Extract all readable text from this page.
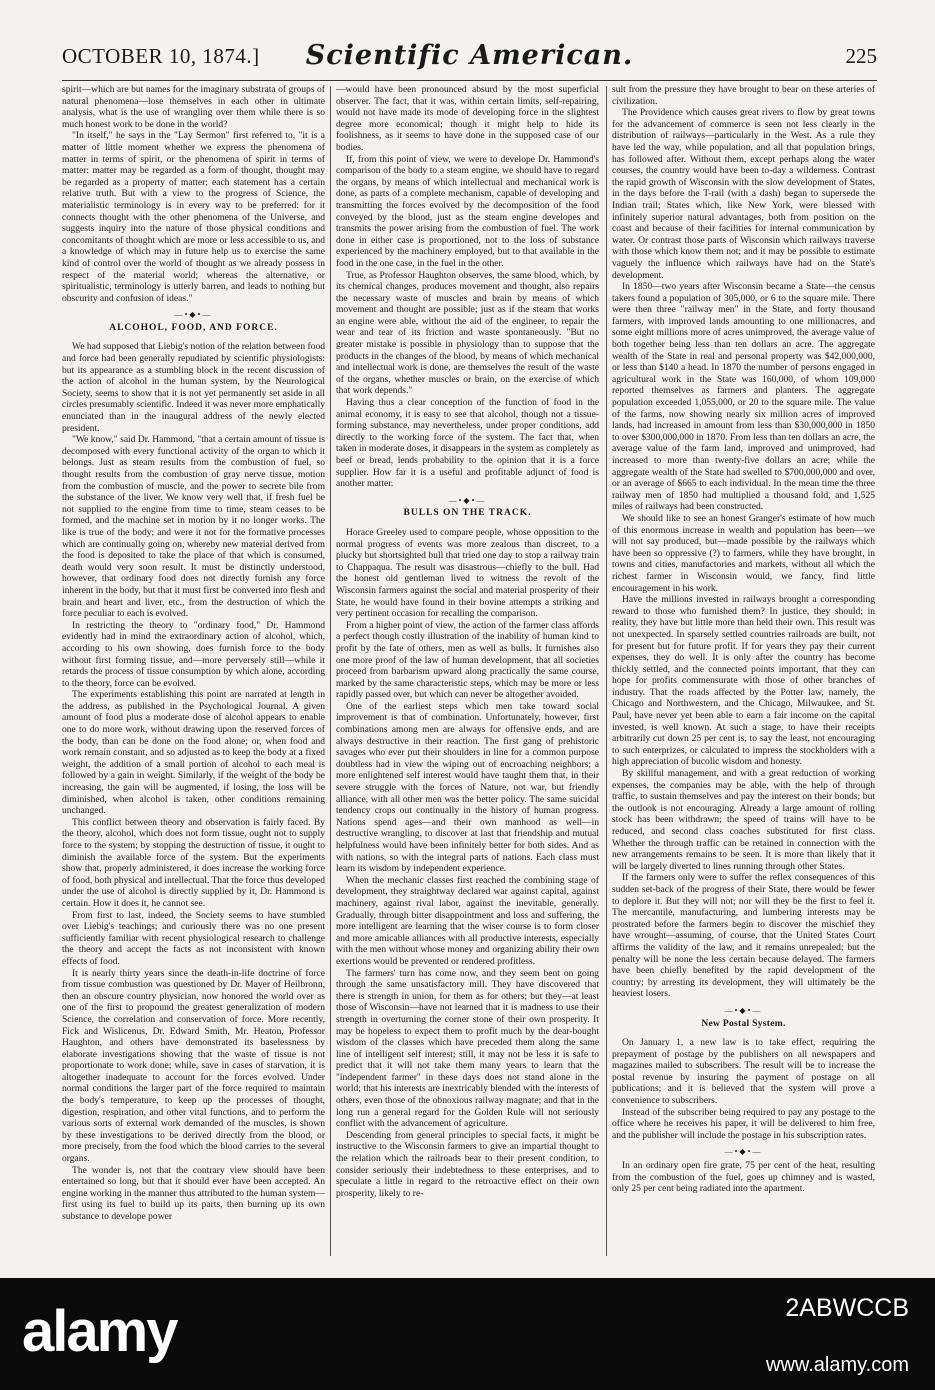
OCTOBER 10, 1874.] Scientific American.	225

spirit—which are but names for the imaginary substrata of groups of natural phenomena—lose themselves in each other in ultimate analysis, what is the use of wrangling over them while there is so much honest work to be done in the world?

"In itself," he says in the "Lay Sermon" first referred to, "it is a matter of little moment whether we express the phenomena of matter in terms of spirit, or the phenomena of spirit in terms of matter: matter may be regarded as a form of thought, thought may be regarded as a property of matter; each statement has a certain relative truth. But with a view to the progress of Science, the materialistic terminology is in every way to be preferred: for it connects thought with the other phenomena of the Universe, and suggests inquiry into the nature of those physical conditions and concomitants of thought which are more or less accessible to us, and a knowledge of which may in future help us to exercise the same kind of control over the world of thought as we already possess in respect of the material world; whereas the alternative, or spiritualistic, terminology is utterly barren, and leads to nothing but obscurity and confusion of ideas."

—•◆•—
ALCOHOL, FOOD, AND FORCE.

We had supposed that Liebig's notion of the relation between food and force had been generally repudiated by scientific physiologists: but its appearance as a stumbling block in the recent discussion of the action of alcohol in the human system, by the Neurological Society, seems to show that it is not yet permanently set aside in all circles presumably scientific. Indeed it was never more emphatically enunciated than in the inaugural address of the newly elected president.

"We know," said Dr. Hammond, "that a certain amount of tissue is decomposed with every functional activity of the organ to which it belongs. Just as steam results from the combustion of fuel, so thought results from the combustion of gray nerve tissue, motion from the combustion of muscle, and the power to secrete bile from the substance of the liver. We know very well that, if fresh fuel be not supplied to the engine from time to time, steam ceases to be formed, and the machine set in motion by it no longer works. The like is true of the body; and were it not for the formative processes which are continually going on, whereby new material derived from the food is deposited to take the place of that which is consumed, death would very soon result. It must be distinctly understood, however, that ordinary food does not directly furnish any force inherent in the body, but that it must first be converted into flesh and brain and heart and liver, etc., from the destruction of which the force peculiar to each is evolved.

In restricting the theory to "ordinary food," Dr. Hammond evidently had in mind the extraordinary action of alcohol, which, according to his own showing, does furnish force to the body without first forming tissue, and—more perversely still—while it retards the process of tissue consumption by which alone, according to the theory, force can be evolved.

The experiments establishing this point are narrated at length in the address, as published in the Psychological Journal. A given amount of food plus a moderate dose of alcohol appears to enable one to do more work, without drawing upon the reserved forces of the body, than can be done on the food alone; or, when food and work remain constant, and so adjusted as to keep the body at a fixed weight, the addition of a small portion of alcohol to each meal is followed by a gain in weight. Similarly, if the weight of the body be increasing, the gain will be augmented, if losing, the loss will be diminished, when alcohol is taken, other conditions remaining unchanged.

This conflict between theory and observation is fairly faced. By the theory, alcohol, which does not form tissue, ought not to supply force to the system; by stopping the destruction of tissue, it ought to diminish the available force of the system. But the experiments show that, properly administered, it does increase the working force of food, both physical and intellectual. That the force thus developed under the use of alcohol is directly supplied by it, Dr. Hammond is certain. How it does it, he cannot see.

From first to last, indeed, the Society seems to have stumbled over Liebig's teachings; and curiously there was no one present sufficiently familiar with recent physiological research to challenge the theory and accept the facts as not inconsistent with known effects of food.

It is nearly thirty years since the death-in-life doctrine of force from tissue combustion was questioned by Dr. Mayer of Heilbronn, then an obscure country physician, now honored the world over as one of the first to propound the greatest generalization of modern Science, the correlation and conservation of force. More recently, Fick and Wislicenus, Dr. Edward Smith, Mr. Heaton, Professor Haughton, and others have demonstrated its baselessness by elaborate investigations showing that the waste of tissue is not proportionate to work done; while, save in cases of starvation, it is altogether inadequate to account for the forces evolved. Under normal conditions the larger part of the force required to maintain the body's temperature, to keep up the processes of thought, digestion, respiration, and other vital functions, and to perform the various sorts of external work demanded of the muscles, is shown by these investigations to be derived directly from the blood, or more precisely, from the food which the blood carries to the several organs.

The wonder is, not that the contrary view should have been entertained so long, but that it should ever have been accepted. An engine working in the manner thus attributed to the human system—first using its fuel to build up its parts, then burning up its own substance to develope power

—would have been pronounced absurd by the most superficial observer. The fact, that it was, within certain limits, self-repairing, would not have made its mode of developing force in the slightest degree more economical; though it might help to hide its foolishness, as it seems to have done in the supposed case of our bodies.

If, from this point of view, we were to develope Dr. Hammond's comparison of the body to a steam engine, we should have to regard the organs, by means of which intellectual and mechanical work is done, as parts of a complete mechanism, capable of developing and transmitting the forces evolved by the decomposition of the food conveyed by the blood, just as the steam engine developes and transmits the power arising from the combustion of fuel. The work done in either case is proportioned, not to the loss of substance experienced by the machinery employed, but to that available in the food in the one case, in the fuel in the other.

True, as Professor Haughton observes, the same blood, which, by its chemical changes, produces movement and thought, also repairs the necessary waste of muscles and brain by means of which movement and thought are possible; just as if the steam that works an engine were able, without the aid of the engineer, to repair the wear and tear of its friction and waste spontaneously. "But no greater mistake is possible in physiology than to suppose that the products in the changes of the blood, by means of which mechanical and intellectual work is done, are themselves the result of the waste of the organs, whether muscles or brain, on the exercise of which that work depends."

Having thus a clear conception of the function of food in the animal economy, it is easy to see that alcohol, though not a tissue-forming substance, may nevertheless, under proper conditions, add directly to the working force of the system. The fact that, when taken in moderate doses, it disappears in the system as completely as beef or bread, lends probability to the opinion that it is a force supplier. How far it is a useful and profitable adjunct of food is another matter.

—•◆•—
BULLS ON THE TRACK.

Horace Greeley used to compare people, whose opposition to the normal progress of events was more zealous than discreet, to a plucky but shortsighted bull that tried one day to stop a railway train to Chappaqua. The result was disastrous—chiefly to the bull. Had the honest old gentleman lived to witness the revolt of the Wisconsin farmers against the social and material prosperity of their State, he would have found in their bovine attempts a striking and very pertinent occasion for recalling the comparison.

From a higher point of view, the action of the farmer class affords a perfect though costly illustration of the inability of human kind to profit by the fate of others, men as well as bulls. It furnishes also one more proof of the law of human development, that all societies proceed from barbarism upward along practically the same course, marked by the same characteristic steps, which may be more or less rapidly passed over, but which can never be altogether avoided.

One of the earliest steps which men take toward social improvement is that of combination. Unfortunately, however, first combinations among men are always for offensive ends, and are always destructive in their reaction. The first gang of prehistoric savages who ever put their shoulders in line for a common purpose doubtless had in view the wiping out of encroaching neighbors; a more enlightened self interest would have taught them that, in their severe struggle with the forces of Nature, not war, but friendly alliance, with all other men was the better policy. The same suicidal tendency crops out continually in the history of human progress. Nations spend ages—and their own manhood as well—in destructive wrangling, to discover at last that friendship and mutual helpfulness would have been infinitely better for both sides. And as with nations, so with the integral parts of nations. Each class must learn its wisdom by independent experience.

When the mechanic classes first reached the combining stage of development, they straightway declared war against capital, against machinery, against rival labor, against the inevitable, generally. Gradually, through bitter disappointment and loss and suffering, the more intelligent are learning that the wiser course is to form closer and more amicable alliances with all productive interests, especially with the men without whose money and organizing ability their own exertions would be prevented or rendered profitless.

The farmers' turn has come now, and they seem bent on going through the same unsatisfactory mill. They have discovered that there is strength in union, for them as for others; but they—at least those of Wisconsin—have not learned that it is madness to use their strength in overturning the corner stone of their own prosperity. It may be hopeless to expect them to profit much by the dear-bought wisdom of the classes which have preceded them along the same line of intelligent self interest; still, it may not be less it is safe to predict that it will not take them many years to learn that the "independent farmer" in these days does not stand alone in the world; that his interests are inextricably blended with the interests of others, even those of the obnoxious railway magnate; and that in the long run a general regard for the Golden Rule will not seriously conflict with the advancement of agriculture.

Descending from general principles to special facts, it might be instructive to the Wisconsin farmers to give an impartial thought to the relation which the railroads bear to their present condition, to consider seriously their indebtedness to these enterprises, and to speculate a little in regard to the retroactive effect on their own prosperity, likely to re-

sult from the pressure they have brought to bear on these arteries of civilization.

The Providence which causes great rivers to flow by great towns for the advancement of commerce is seen not less clearly in the distribution of railways—particularly in the West. As a rule they have led the way, while population, and all that population brings, has followed after. Without them, except perhaps along the water courses, the country would have been to-day a wilderness. Contrast the rapid growth of Wisconsin with the slow development of States, in the days before the T-rail (with a dash) began to supersede the Indian trail; States which, like New York, were blessed with infinitely superior natural advantages, both from position on the coast and because of their facilities for internal communication by water. Or contrast those parts of Wisconsin which railways traverse with those which know them not; and it may be possible to estimate vaguely the influence which railways have had on the State's development.

In 1850—two years after Wisconsin became a State—the census takers found a population of 305,000, or 6 to the square mile. There were then three "railway men" in the State, and forty thousand farmers, with improved lands amounting to one millionacres, and some eight millions more of acres unimproved, the average value of both together being less than ten dollars an acre. The aggregate wealth of the State in real and personal property was $42,000,000, or less than $140 a head. In 1870 the number of persons engaged in agricultural work in the State was 160,000, of whom 109,000 reported themselves as farmers and planters. The aggregate population exceeded 1,055,000, or 20 to the square mile. The value of the farms, now showing nearly six million acres of improved lands, had increased in amount from less than $30,000,000 in 1850 to over $300,000,000 in 1870. From less than ten dollars an acre, the average value of the farm land, improved and unimproved, had increased to more than twenty-five dollars an acre; while the aggregate wealth of the State had swelled to $700,000,000 and over, or an average of $665 to each individual. In the mean time the three railway men of 1850 had multiplied a thousand fold, and 1,525 miles of railways had been constructed.

We should like to see an honest Granger's estimate of how much of this enormous increase in wealth and population has been—we will not say produced, but—made possible by the railways which have been so oppressive (?) to farmers, while they have brought, in towns and cities, manufactories and markets, without all which the richest farmer in Wisconsin would, we fancy, find little encouragement in his work.

Have the millions invested in railways brought a corresponding reward to those who furnished them? In justice, they should; in reality, they have but little more than held their own. This result was not unexpected. In sparsely settled countries railroads are built, not for present but for future profit. If for years they pay their current expenses, they do well. It is only after the country has become thickly settled, and the connected points important, that they can hope for profits commensurate with those of other branches of industry. That the roads affected by the Potter law, namely, the Chicago and Northwestern, and the Chicago, Milwaukee, and St. Paul, have never yet been able to earn a fair income on the capital invested, is well known. At such a stage, to have their receipts arbitrarily cut down 25 per cent is, to say the least, not encouraging to such enterprizes, or calculated to impress the stockholders with a high appreciation of bucolic wisdom and honesty.

By skillful management, and with a great reduction of working expenses, the companies may be able, with the help of through traffic, to sustain themselves and pay the interest on their bonds; but the outlook is not encouraging. Already a large amount of rolling stock has been withdrawn; the speed of trains will have to be reduced, and second class coaches substituted for first class. Whether the through traffic can be retained in connection with the new arrangements remains to be seen. It is more than likely that it will be largely diverted to lines running through other States.

If the farmers only were to suffer the reflex consequences of this sudden set-back of the progress of their State, there would be fewer to deplore it. But they will not; nor will they be the first to feel it. The mercantile, manufacturing, and lumbering interests may be prostrated before the farmers begin to discover the mischief they have wrought—assuming, of course, that the United States Court affirms the validity of the law, and it remains unrepealed; but the penalty will be none the less certain because delayed. The farmers have been chiefly benefited by the rapid development of the country; by arresting its development, they will ultimately be the heaviest losers.

—•◆•—
New Postal System.

On January 1, a new law is to take effect, requiring the prepayment of postage by the publishers on all newspapers and magazines mailed to subscribers. The result will be to increase the postal revenue by insuring the payment of postage on all publications; and it is believed that the system will prove a convenience to subscribers.

Instead of the subscriber being required to pay any postage to the office where he receives his paper, it will be delivered to him free, and the publisher will include the postage in his subscription rates.

—•◆•—

In an ordinary open fire grate, 75 per cent of the heat, resulting from the combustion of the fuel, goes up chimney and is wasted, only 25 per cent being radiated into the apartment.

alamy	2ABWCCB
www.alamy.com
